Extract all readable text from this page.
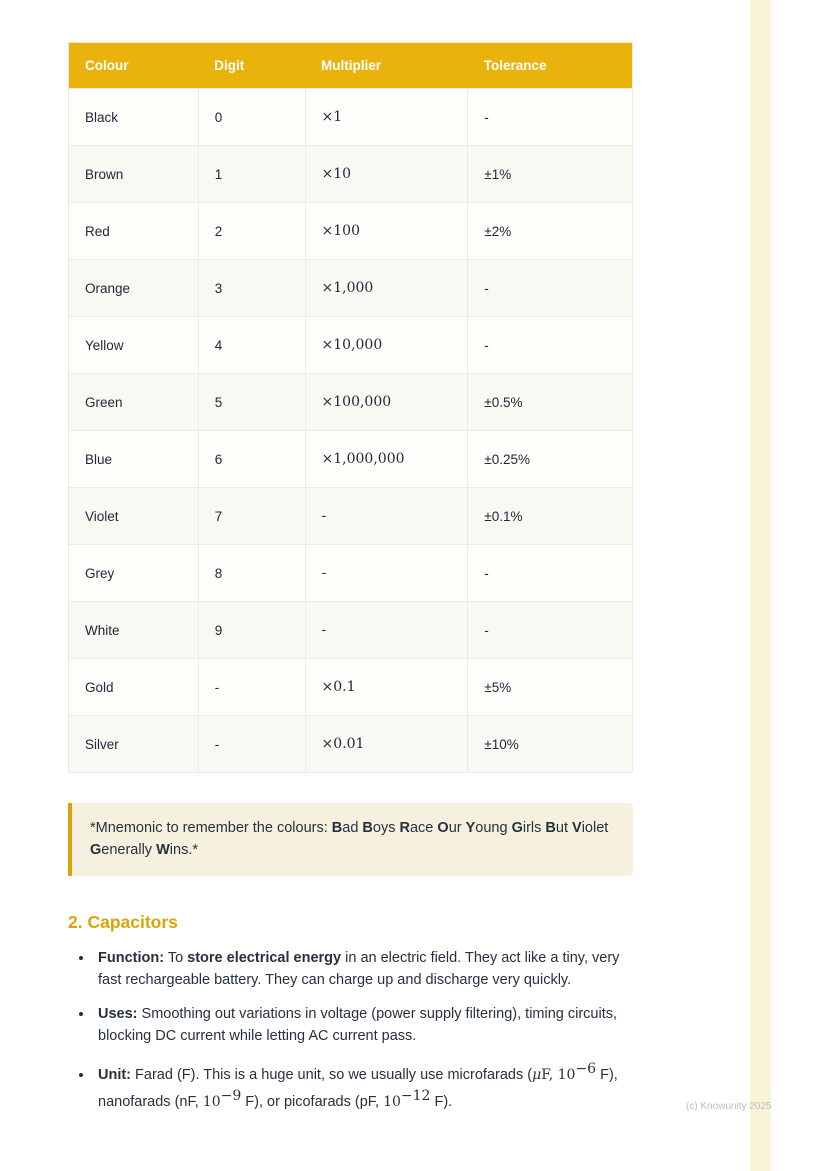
Colour	Digit	Multiplier	Tolerance
Black	0	×1	-
Brown	1	×10	±1%
Red	2	×100	±2%
Orange	3	×1,000	-
Yellow	4	×10,000	-
Green	5	×100,000	±0.5%
Blue	6	×1,000,000	±0.25%
Violet	7	-	±0.1%
Grey	8	-	-
White	9	-	-
Gold	-	×0.1	±5%
Silver	-	×0.01	±10%
*Mnemonic to remember the colours: Bad Boys Race Our Young Girls But Violet Generally Wins.*
2. Capacitors
• Function: To store electrical energy in an electric field. They act like a tiny, very fast rechargeable battery. They can charge up and discharge very quickly.
• Uses: Smoothing out variations in voltage (power supply filtering), timing circuits, blocking DC current while letting AC current pass.
• Unit: Farad (F). This is a huge unit, so we usually use microfarads (μF, $10^{-6}$ F), nanofarads (nF, $10^{-9}$ F), or picofarads (pF, $10^{-12}$ F).	(c) Knowunity 2025
